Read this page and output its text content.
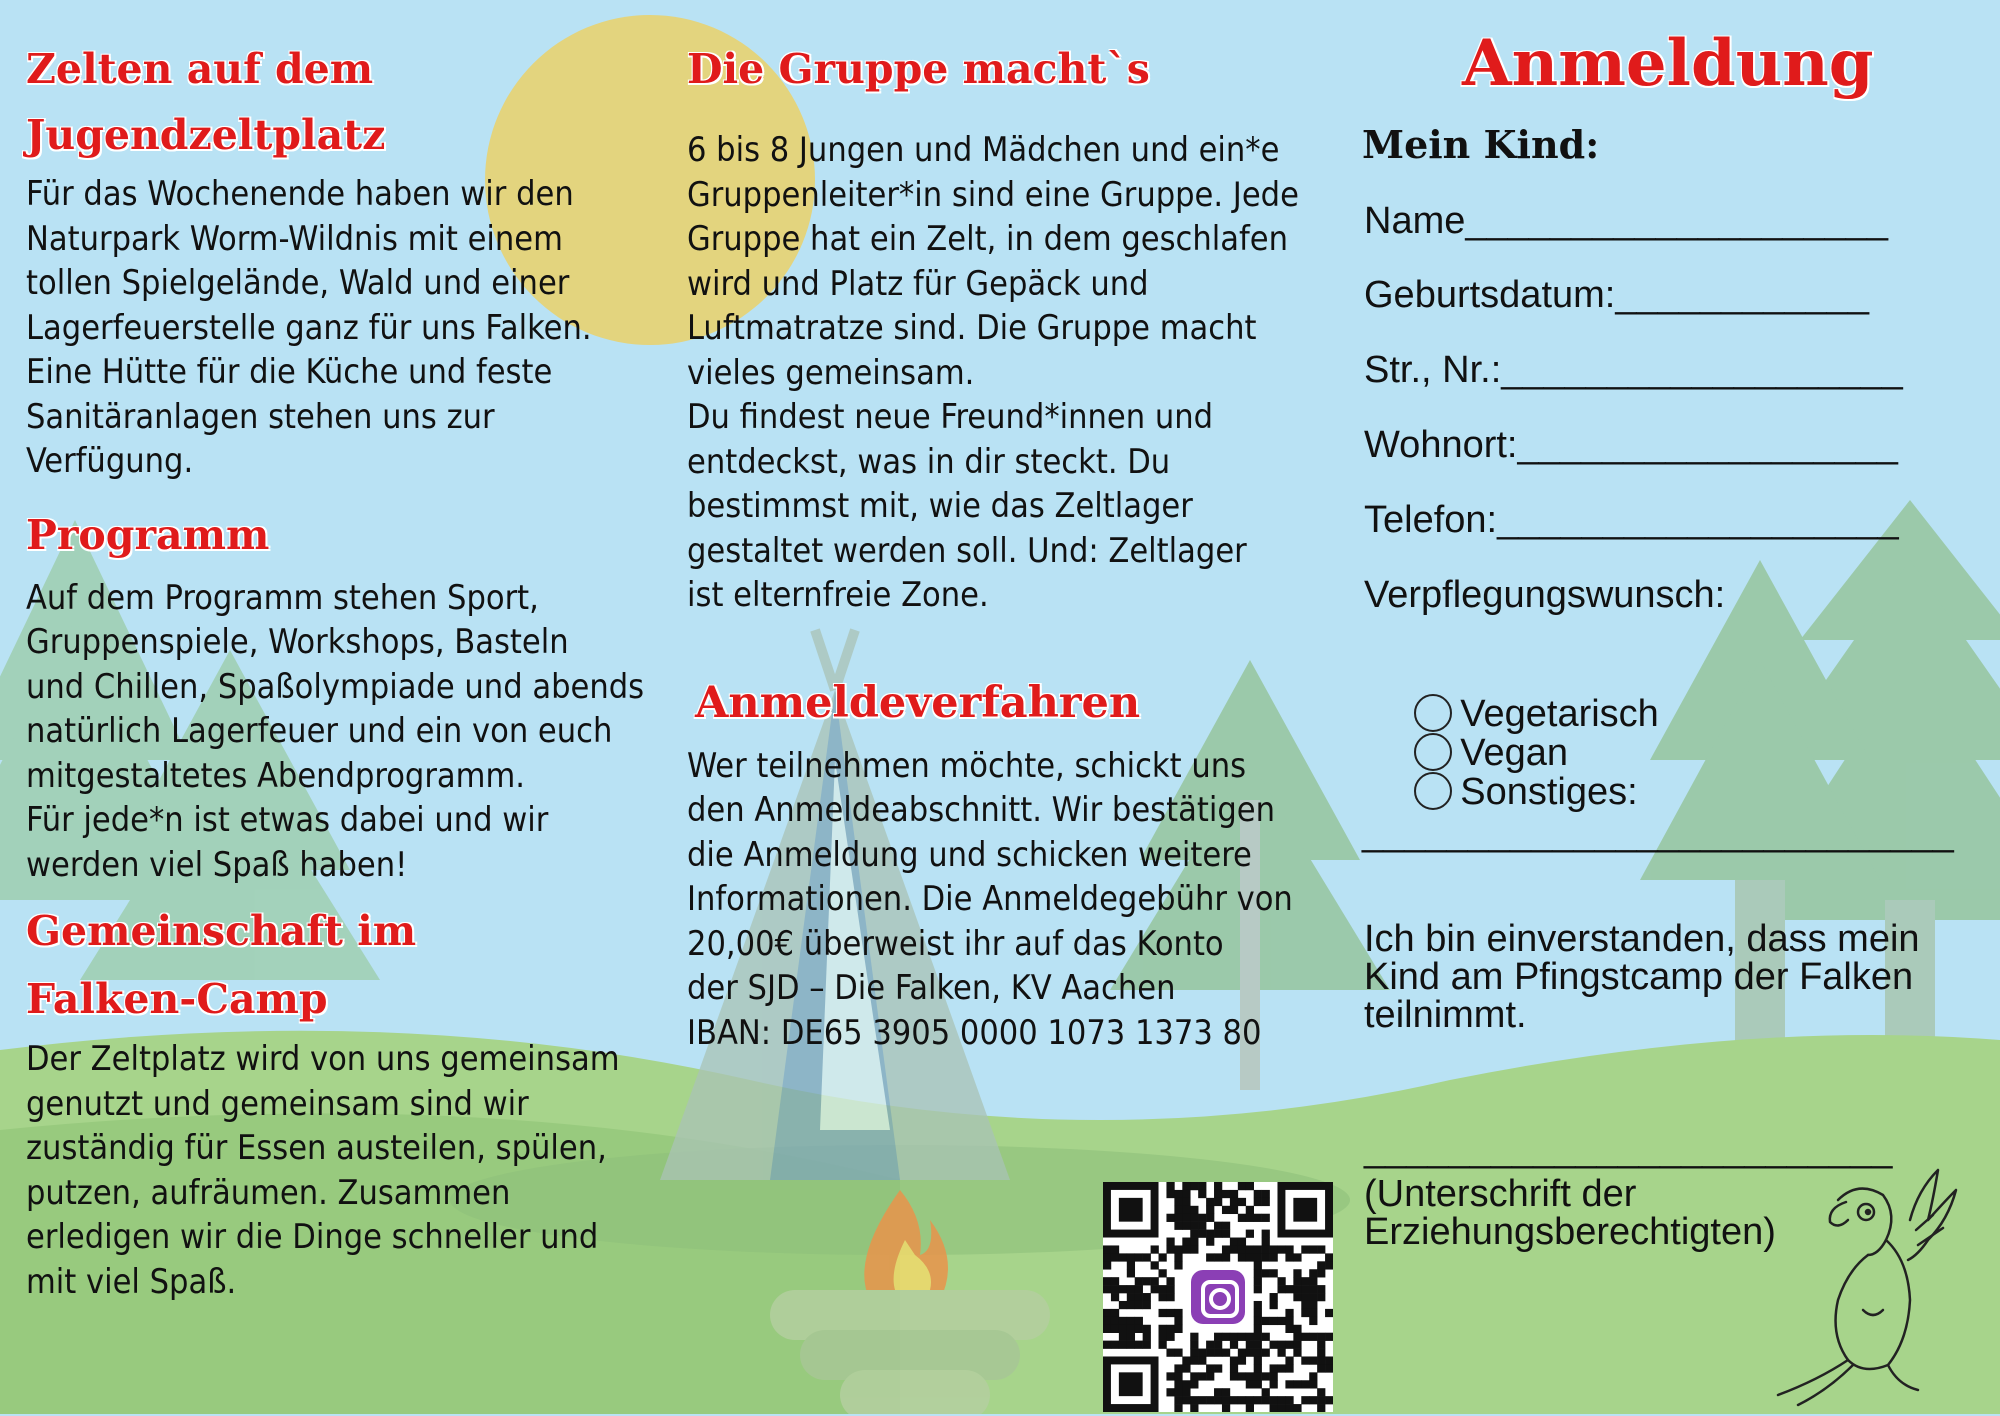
Zelten auf dem
Jugendzeltplatz

Für das Wochenende haben wir den
Naturpark Worm-Wildnis mit einem
tollen Spielgelände, Wald und einer
Lagerfeuerstelle ganz für uns Falken.
Eine Hütte für die Küche und feste
Sanitäranlagen stehen uns zur
Verfügung.

Programm

Auf dem Programm stehen Sport,
Gruppenspiele, Workshops, Basteln
und Chillen, Spaßolympiade und abends
natürlich Lagerfeuer und ein von euch
mitgestaltetes Abendprogramm.
Für jede*n ist etwas dabei und wir
werden viel Spaß haben!

Gemeinschaft im
Falken-Camp

Der Zeltplatz wird von uns gemeinsam
genutzt und gemeinsam sind wir
zuständig für Essen austeilen, spülen,
putzen, aufräumen. Zusammen
erledigen wir die Dinge schneller und
mit viel Spaß.

Die Gruppe macht`s

6 bis 8 Jungen und Mädchen und ein*e
Gruppenleiter*in sind eine Gruppe. Jede
Gruppe hat ein Zelt, in dem geschlafen
wird und Platz für Gepäck und
Luftmatratze sind. Die Gruppe macht
vieles gemeinsam.
Du findest neue Freund*innen und
entdeckst, was in dir steckt. Du
bestimmst mit, wie das Zeltlager
gestaltet werden soll. Und: Zeltlager
ist elternfreie Zone.

Anmeldeverfahren

Wer teilnehmen möchte, schickt uns
den Anmeldeabschnitt. Wir bestätigen
die Anmeldung und schicken weitere
Informationen. Die Anmeldegebühr von
20,00€ überweist ihr auf das Konto
der SJD – Die Falken, KV Aachen
IBAN: DE65 3905 0000 1073 1373 80

Anmeldung
Mein Kind:
Name____________________
Geburtsdatum:____________
Str., Nr.:___________________
Wohnort:__________________
Telefon:___________________
Verpflegungswunsch:

Vegetarisch

Vegan

Sonstiges:

____________________________
Ich bin einverstanden, dass mein
Kind am Pfingstcamp der Falken
teilnimmt.
_________________________
(Unterschrift der
Erziehungsberechtigten)
